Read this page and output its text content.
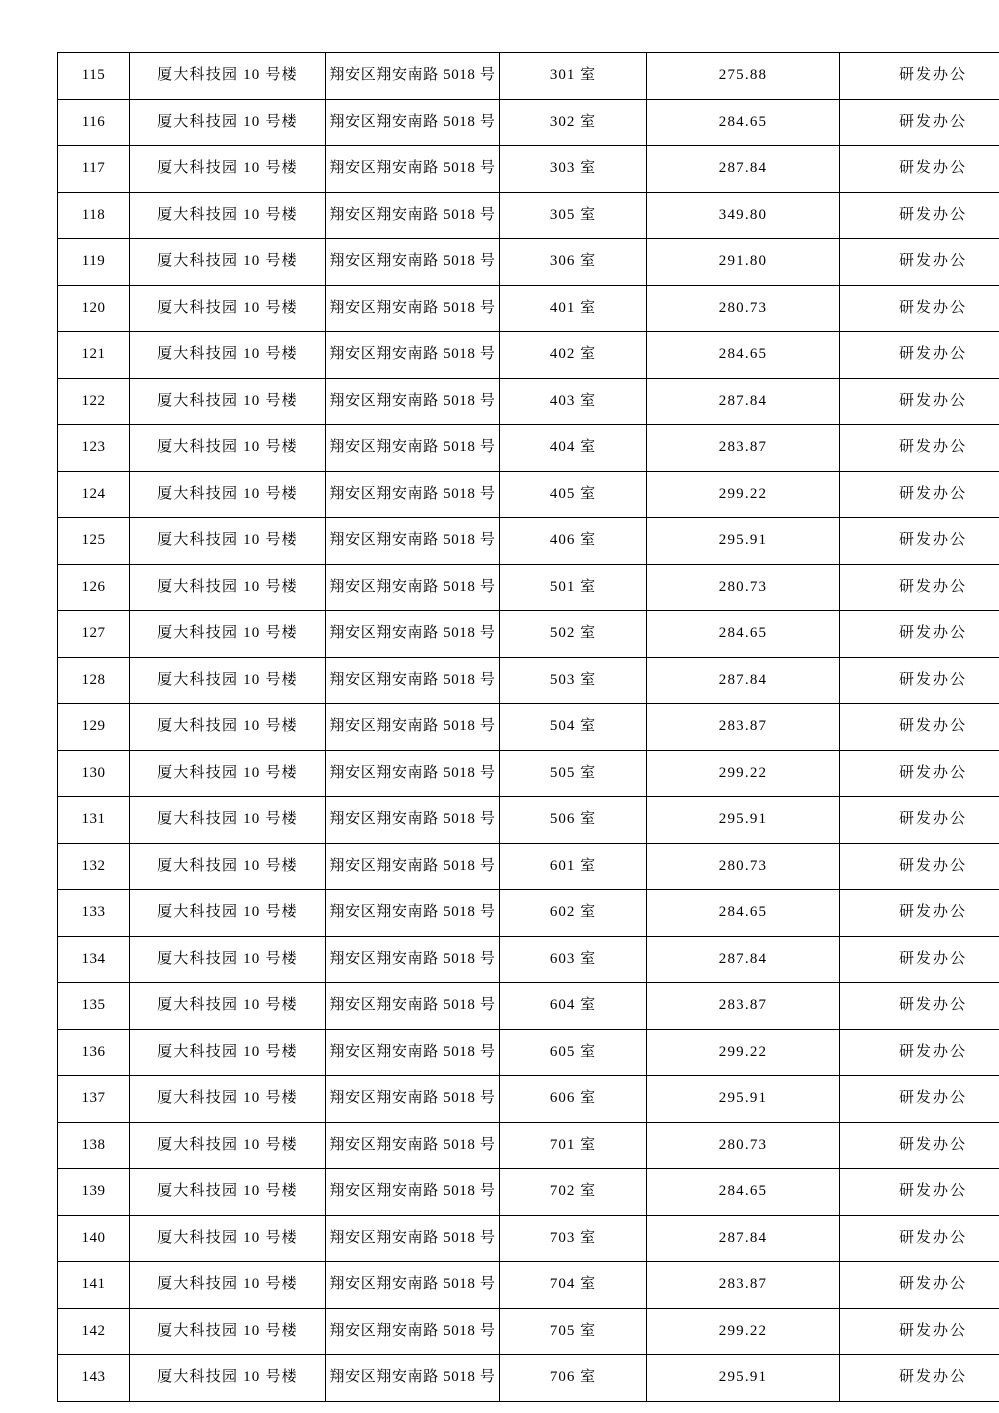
115	厦大科技园 10 号楼	翔安区翔安南路 5018 号	301 室	275.88	研发办公
116	厦大科技园 10 号楼	翔安区翔安南路 5018 号	302 室	284.65	研发办公
117	厦大科技园 10 号楼	翔安区翔安南路 5018 号	303 室	287.84	研发办公
118	厦大科技园 10 号楼	翔安区翔安南路 5018 号	305 室	349.80	研发办公
119	厦大科技园 10 号楼	翔安区翔安南路 5018 号	306 室	291.80	研发办公
120	厦大科技园 10 号楼	翔安区翔安南路 5018 号	401 室	280.73	研发办公
121	厦大科技园 10 号楼	翔安区翔安南路 5018 号	402 室	284.65	研发办公
122	厦大科技园 10 号楼	翔安区翔安南路 5018 号	403 室	287.84	研发办公
123	厦大科技园 10 号楼	翔安区翔安南路 5018 号	404 室	283.87	研发办公
124	厦大科技园 10 号楼	翔安区翔安南路 5018 号	405 室	299.22	研发办公
125	厦大科技园 10 号楼	翔安区翔安南路 5018 号	406 室	295.91	研发办公
126	厦大科技园 10 号楼	翔安区翔安南路 5018 号	501 室	280.73	研发办公
127	厦大科技园 10 号楼	翔安区翔安南路 5018 号	502 室	284.65	研发办公
128	厦大科技园 10 号楼	翔安区翔安南路 5018 号	503 室	287.84	研发办公
129	厦大科技园 10 号楼	翔安区翔安南路 5018 号	504 室	283.87	研发办公
130	厦大科技园 10 号楼	翔安区翔安南路 5018 号	505 室	299.22	研发办公
131	厦大科技园 10 号楼	翔安区翔安南路 5018 号	506 室	295.91	研发办公
132	厦大科技园 10 号楼	翔安区翔安南路 5018 号	601 室	280.73	研发办公
133	厦大科技园 10 号楼	翔安区翔安南路 5018 号	602 室	284.65	研发办公
134	厦大科技园 10 号楼	翔安区翔安南路 5018 号	603 室	287.84	研发办公
135	厦大科技园 10 号楼	翔安区翔安南路 5018 号	604 室	283.87	研发办公
136	厦大科技园 10 号楼	翔安区翔安南路 5018 号	605 室	299.22	研发办公
137	厦大科技园 10 号楼	翔安区翔安南路 5018 号	606 室	295.91	研发办公
138	厦大科技园 10 号楼	翔安区翔安南路 5018 号	701 室	280.73	研发办公
139	厦大科技园 10 号楼	翔安区翔安南路 5018 号	702 室	284.65	研发办公
140	厦大科技园 10 号楼	翔安区翔安南路 5018 号	703 室	287.84	研发办公
141	厦大科技园 10 号楼	翔安区翔安南路 5018 号	704 室	283.87	研发办公
142	厦大科技园 10 号楼	翔安区翔安南路 5018 号	705 室	299.22	研发办公
143	厦大科技园 10 号楼	翔安区翔安南路 5018 号	706 室	295.91	研发办公
